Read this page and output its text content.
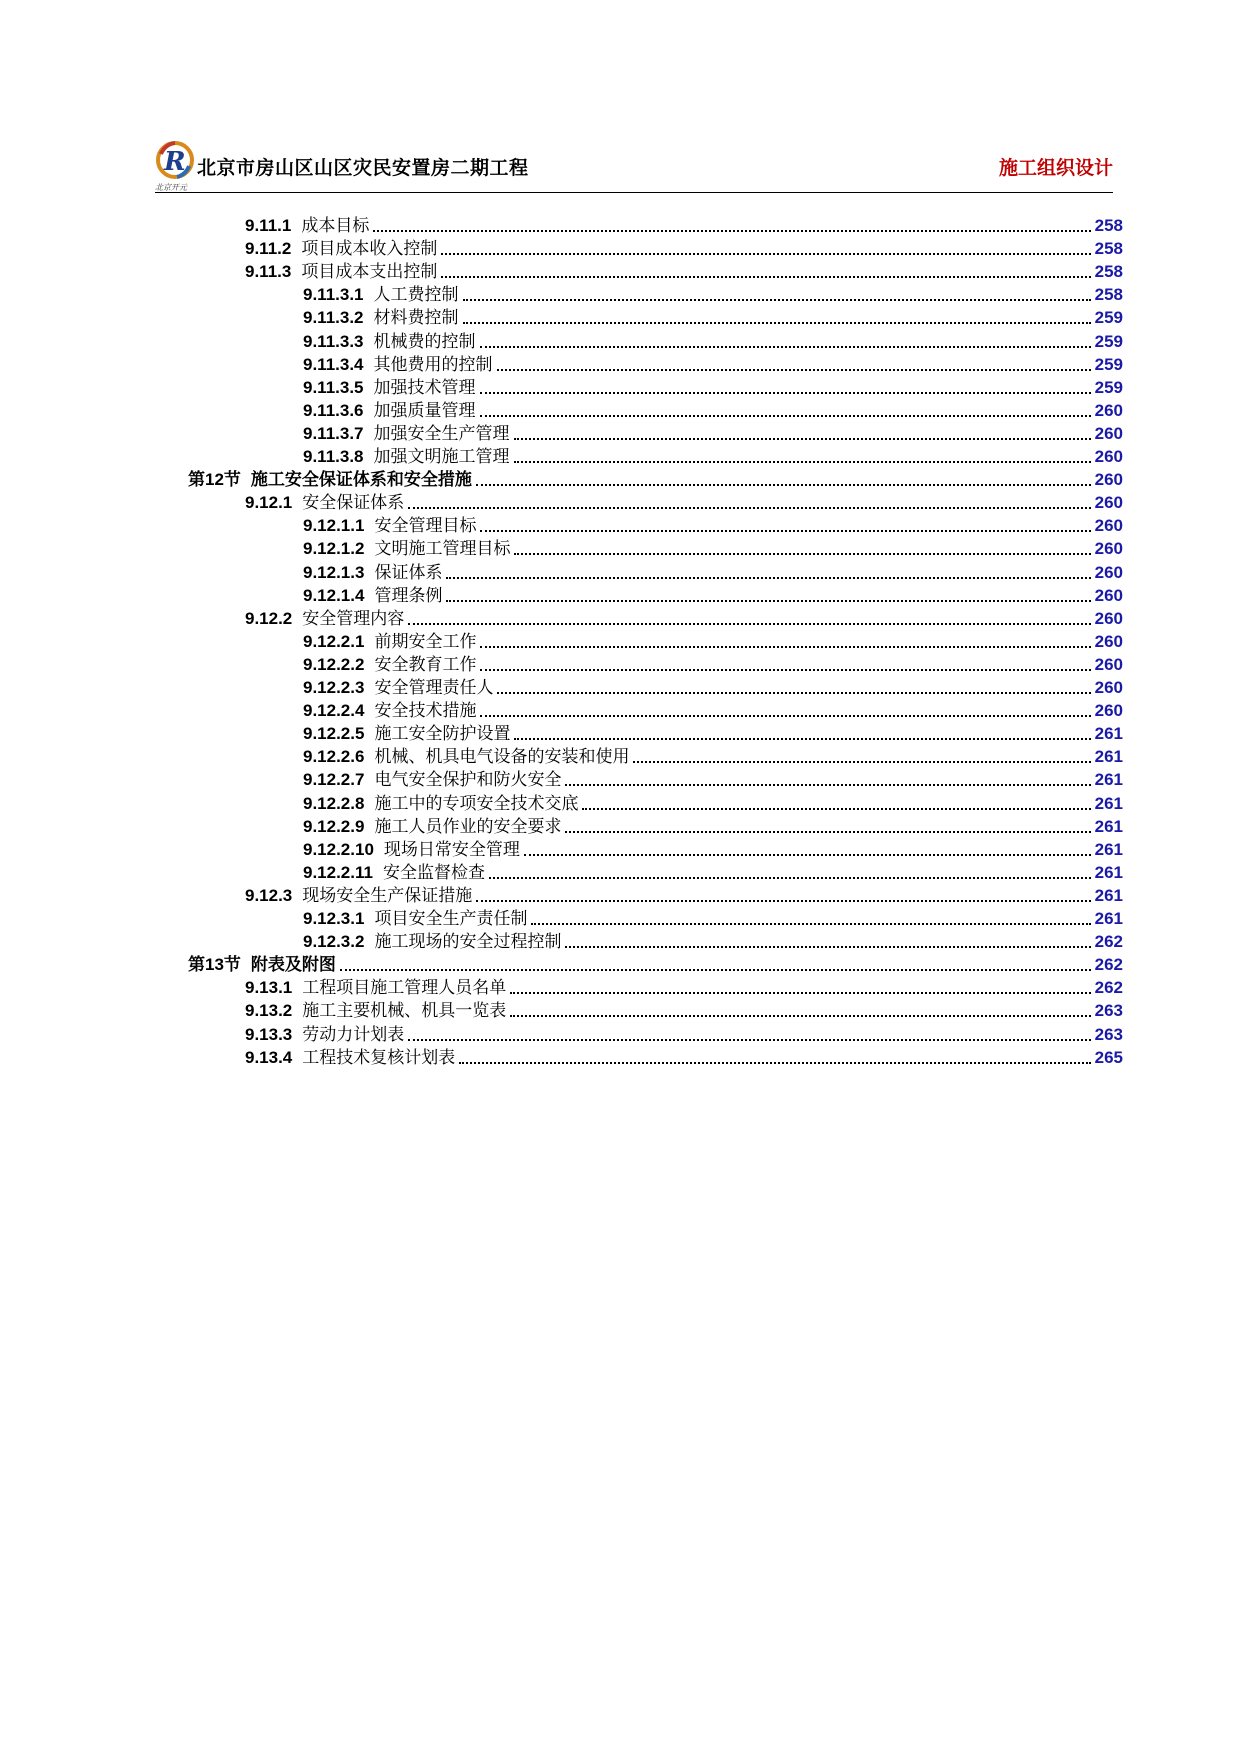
R
北京开元
北京市房山区山区灾民安置房二期工程	施工组织设计
9.11.1 成本目标	258
9.11.2 项目成本收入控制	258
9.11.3 项目成本支出控制	258
9.11.3.1 人工费控制	258
9.11.3.2 材料费控制	259
9.11.3.3 机械费的控制	259
9.11.3.4 其他费用的控制	259
9.11.3.5 加强技术管理	259
9.11.3.6 加强质量管理	260
9.11.3.7 加强安全生产管理	260
9.11.3.8 加强文明施工管理	260
第12节 施工安全保证体系和安全措施	260
9.12.1 安全保证体系	260
9.12.1.1 安全管理目标	260
9.12.1.2 文明施工管理目标	260
9.12.1.3 保证体系	260
9.12.1.4 管理条例	260
9.12.2 安全管理内容	260
9.12.2.1 前期安全工作	260
9.12.2.2 安全教育工作	260
9.12.2.3 安全管理责任人	260
9.12.2.4 安全技术措施	260
9.12.2.5 施工安全防护设置	261
9.12.2.6 机械、机具电气设备的安装和使用	261
9.12.2.7 电气安全保护和防火安全	261
9.12.2.8 施工中的专项安全技术交底	261
9.12.2.9 施工人员作业的安全要求	261
9.12.2.10 现场日常安全管理	261
9.12.2.11 安全监督检查	261
9.12.3 现场安全生产保证措施	261
9.12.3.1 项目安全生产责任制	261
9.12.3.2 施工现场的安全过程控制	262
第13节 附表及附图	262
9.13.1 工程项目施工管理人员名单	262
9.13.2 施工主要机械、机具一览表	263
9.13.3 劳动力计划表	263
9.13.4 工程技术复核计划表	265
